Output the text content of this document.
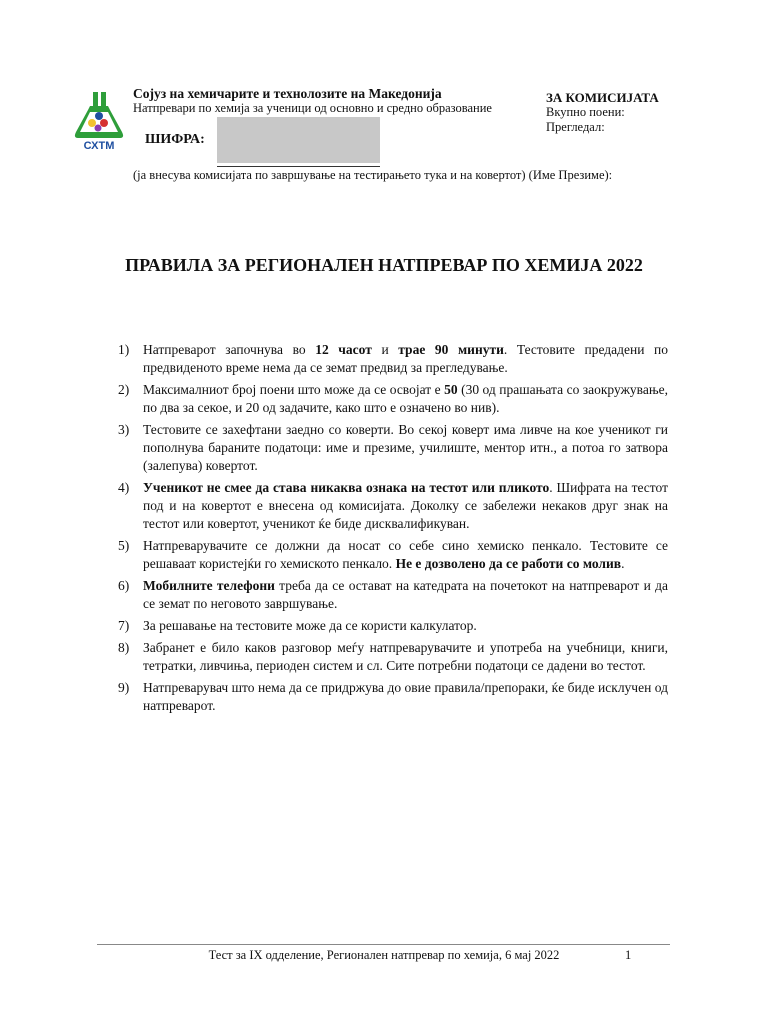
СХТМ
Сојуз на хемичарите и технолозите на Македонија
Натпревари по хемија за ученици од основно и средно образование
ШИФРА:
(ја внесува комисијата по завршување на тестирањето тука и на ковертот) (Име Презиме):
ЗА КОМИСИЈАТА
Вкупно поени:
Прегледал:
ПРАВИЛА ЗА РЕГИОНАЛЕН НАТПРЕВАР ПО ХЕМИЈА 2022
1)	Натпреварот започнува во 12 часот и трае 90 минути. Тестовите предадени по предвиденото време нема да се земат предвид за прегледување.
2)	Максималниот број поени што може да се освојат е 50 (30 од прашањата со заокружување, по два за секое, и 20 од задачите, како што е означено во нив).
3)	Тестовите се захефтани заедно со коверти. Во секој коверт има ливче на кое ученикот ги пополнува бараните податоци: име и презиме, училиште, ментор итн., а потоа го затвора (залепува) ковертот.
4)	Ученикот не смее да става никаква ознака на тестот или пликото. Шифрата на тестот под и на ковертот е внесена од комисијата. Доколку се забележи некаков друг знак на тестот или ковертот, ученикот ќе биде дисквалификуван.
5)	Натпреварувачите се должни да носат со себе сино хемиско пенкало. Тестовите се решаваат користејќи го хемиското пенкало. Не е дозволено да се работи со молив.
6)	Мобилните телефони треба да се остават на катедрата на почетокот на натпреварот и да се земат по неговото завршување.
7)	За решавање на тестовите може да се користи калкулатор.
8)	Забранет е било каков разговор меѓу натпреварувачите и употреба на учебници, книги, тетратки, ливчиња, периоден систем и сл. Сите потребни податоци се дадени во тестот.
9)	Натпреварувач што нема да се придржува до овие правила/препораки, ќе биде исклучен од натпреварот.
Тест за IX одделение, Регионален натпревар по хемија, 6 мај 2022	1
